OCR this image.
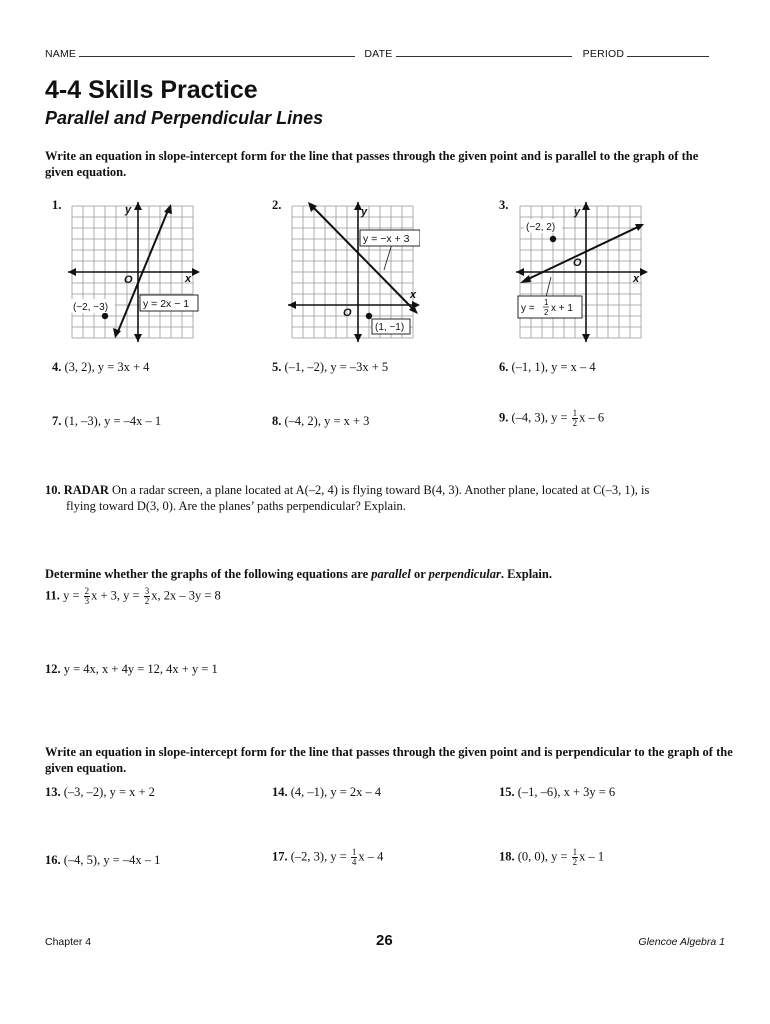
NAME	DATE	PERIOD
4-4 Skills Practice
Parallel and Perpendicular Lines
Write an equation in slope-intercept form for the line that passes through the given point and is parallel to the graph of the given equation.
1.	y
x
O
(−2, −3)	y = 2x − 1
2.	y
x
O
(1, −1)
y = −x + 3
3.	y
x
O
(−2, 2)
y =
1
2 x + 1
4. (3, 2), y = 3x + 4	5. (–1, –2), y = –3x + 5	6. (–1, 1), y = x – 4
7. (1, –3), y = –4x – 1	8. (–4, 2), y = x + 3	9. (–4, 3), $y = \frac{1}{2}$ x – 6
10. RADAR On a radar screen, a plane located at A(–2, 4) is flying toward B(4, 3). Another plane, located at C(–3, 1), is
flying toward D(3, 0). Are the planes’ paths perpendicular? Explain.
Determine whether the graphs of the following equations are parallel or perpendicular. Explain.
11. $y = \frac{2}{3}$ x + 3, $y = \frac{3}{2} x$, 2x – 3y = 8
12. y = 4x, x + 4y = 12, 4x + y = 1
Write an equation in slope-intercept form for the line that passes through the given point and is perpendicular to the graph of the given equation.
13. (–3, –2), y = x + 2	14. (4, –1), y = 2x – 4	15. (–1, –6), x + 3y = 6
16. (–4, 5), y = –4x – 1	17. (–2, 3), $y = \frac{1}{4}$ x – 4	18. (0, 0), $y = \frac{1}{2}$ x – 1
Chapter 4	26	Glencoe Algebra 1
